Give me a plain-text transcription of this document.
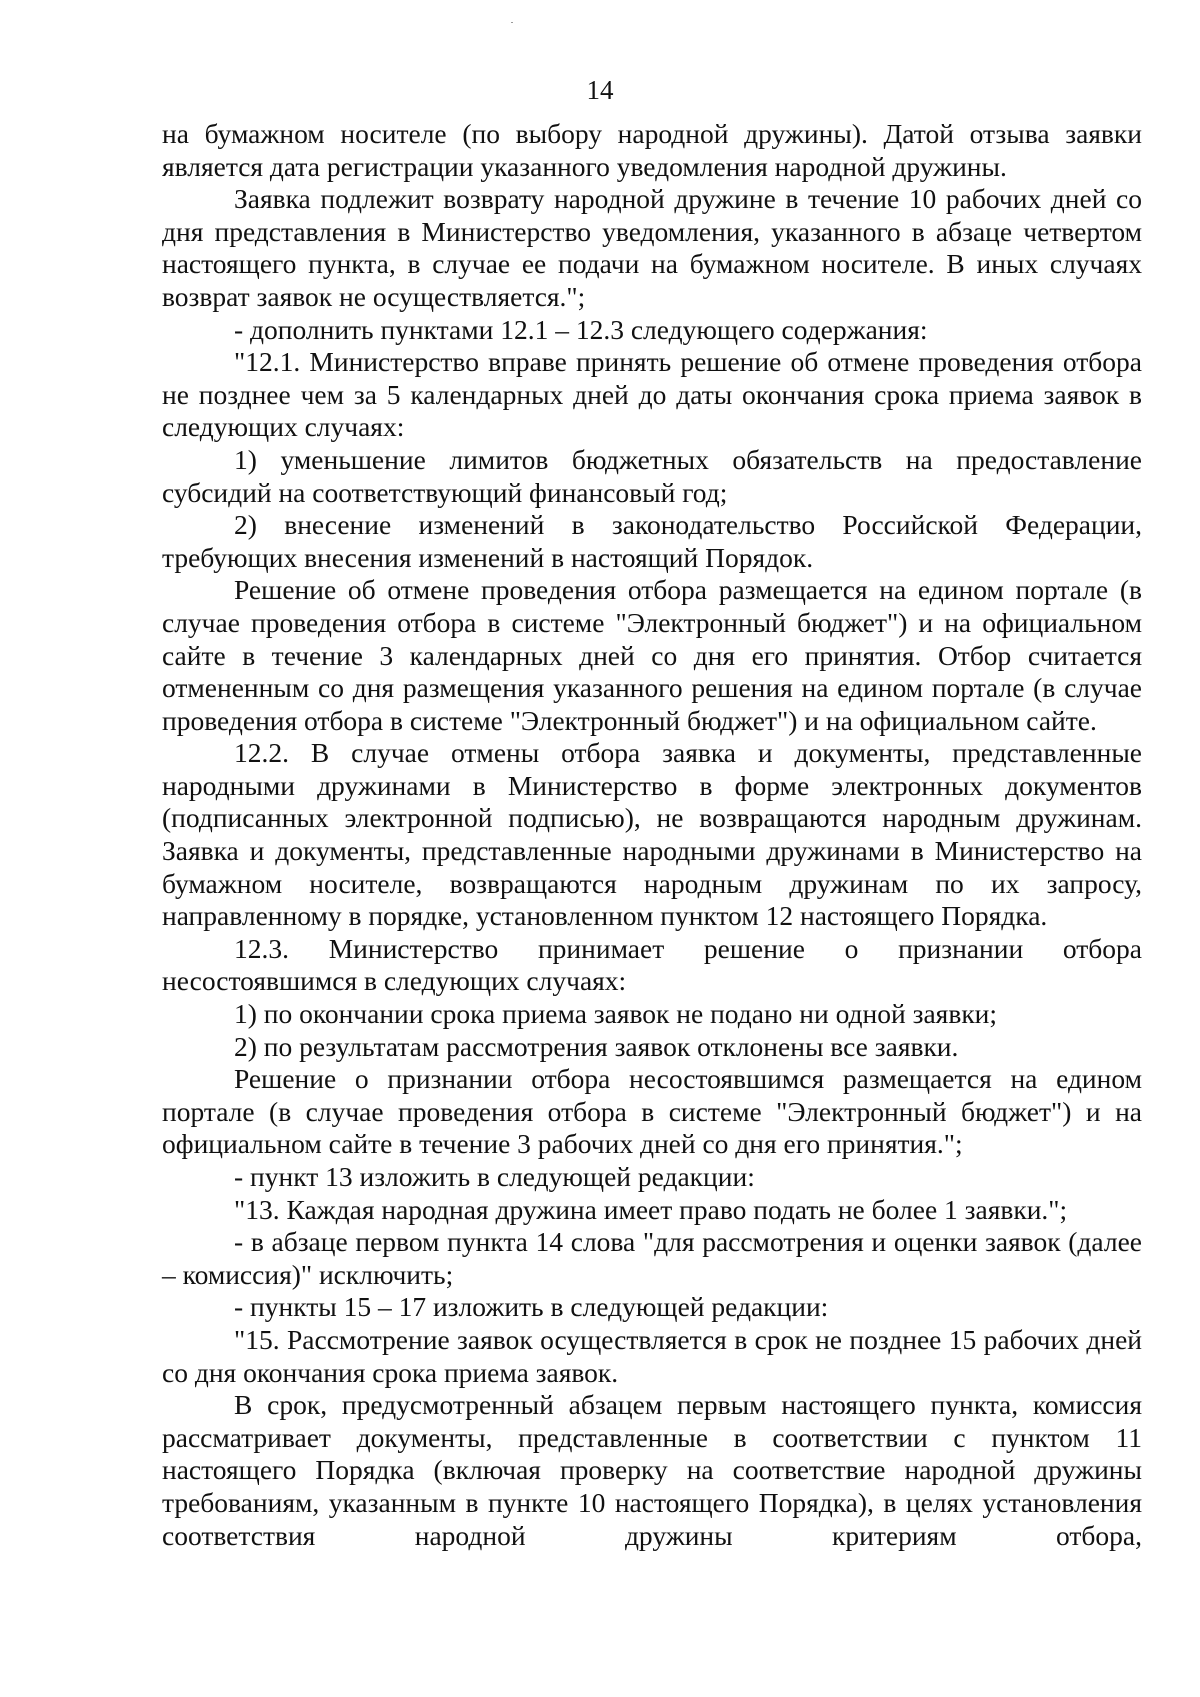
14

на бумажном носителе (по выбору народной дружины). Датой отзыва заявки является дата регистрации указанного уведомления народной дружины.

Заявка подлежит возврату народной дружине в течение 10 рабочих дней со дня представления в Министерство уведомления, указанного в абзаце четвертом настоящего пункта, в случае ее подачи на бумажном носителе. В иных случаях возврат заявок не осуществляется.";

- дополнить пунктами 12.1 – 12.3 следующего содержания:

"12.1. Министерство вправе принять решение об отмене проведения отбора не позднее чем за 5 календарных дней до даты окончания срока приема заявок в следующих случаях:

1) уменьшение лимитов бюджетных обязательств на предоставление субсидий на соответствующий финансовый год;

2) внесение изменений в законодательство Российской Федерации, требующих внесения изменений в настоящий Порядок.

Решение об отмене проведения отбора размещается на едином портале (в случае проведения отбора в системе "Электронный бюджет") и на официальном сайте в течение 3 календарных дней со дня его принятия. Отбор считается отмененным со дня размещения указанного решения на едином портале (в случае проведения отбора в системе "Электронный бюджет") и на официальном сайте.

12.2. В случае отмены отбора заявка и документы, представленные народными дружинами в Министерство в форме электронных документов (подписанных электронной подписью), не возвращаются народным дружинам. Заявка и документы, представленные народными дружинами в Министерство на бумажном носителе, возвращаются народным дружинам по их запросу, направленному в порядке, установленном пунктом 12 настоящего Порядка.

12.3. Министерство принимает решение о признании отбора несостоявшимся в следующих случаях:

1) по окончании срока приема заявок не подано ни одной заявки;

2) по результатам рассмотрения заявок отклонены все заявки.

Решение о признании отбора несостоявшимся размещается на едином портале (в случае проведения отбора в системе "Электронный бюджет") и на официальном сайте в течение 3 рабочих дней со дня его принятия.";

- пункт 13 изложить в следующей редакции:

"13. Каждая народная дружина имеет право подать не более 1 заявки.";

- в абзаце первом пункта 14 слова "для рассмотрения и оценки заявок (далее – комиссия)" исключить;

- пункты 15 – 17 изложить в следующей редакции:

"15. Рассмотрение заявок осуществляется в срок не позднее 15 рабочих дней со дня окончания срока приема заявок.

В срок, предусмотренный абзацем первым настоящего пункта, комиссия рассматривает документы, представленные в соответствии с пунктом 11 настоящего Порядка (включая проверку на соответствие народной дружины требованиям, указанным в пункте 10 настоящего Порядка), в целях установления соответствия народной дружины критериям отбора,
